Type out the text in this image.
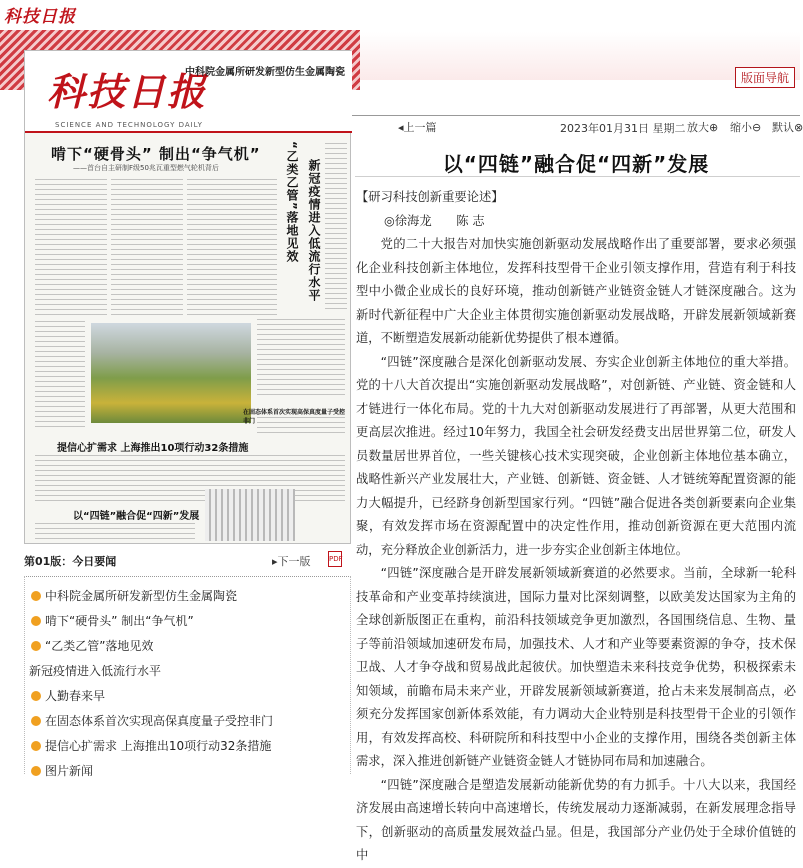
科技日报
版面导航
科技日报
中科院金属所研发新型仿生金属陶瓷
SCIENCE AND TECHNOLOGY DAILY
啃下“硬骨头” 制出“争气机”
——首台自主研制F级50兆瓦重型燃气轮机背后	“乙类乙管”落地见效 新冠疫情进入低流行水平
在固态体系首次实现高保真度量子受控非门
提信心扩需求 上海推出10项行动32条措施
以“四链”融合促“四新”发展
第01版：今日要闻	▸下一版	PDF
中科院金属所研发新型仿生金属陶瓷
啃下“硬骨头” 制出“争气机”
“乙类乙管”落地见效
新冠疫情进入低流行水平
人勤春来早
在固态体系首次实现高保真度量子受控非门
提信心扩需求 上海推出10项行动32条措施
图片新闻
◂上一篇	2023年01月31日 星期二 放大⊕ 缩小⊖ 默认⊗
以“四链”融合促“四新”发展

【研习科技创新重要论述】

◎徐海龙　　陈 志

党的二十大报告对加快实施创新驱动发展战略作出了重要部署，要求必须强化企业科技创新主体地位，发挥科技型骨干企业引领支撑作用，营造有利于科技型中小微企业成长的良好环境，推动创新链产业链资金链人才链深度融合。这为新时代新征程中广大企业主体贯彻实施创新驱动发展战略，开辟发展新领域新赛道，不断塑造发展新动能新优势提供了根本遵循。

“四链”深度融合是深化创新驱动发展、夯实企业创新主体地位的重大举措。党的十八大首次提出“实施创新驱动发展战略”，对创新链、产业链、资金链和人才链进行一体化布局。党的十九大对创新驱动发展进行了再部署，从更大范围和更高层次推进。经过10年努力，我国全社会研发经费支出居世界第二位，研发人员数量居世界首位，一些关键核心技术实现突破，企业创新主体地位基本确立，战略性新兴产业发展壮大，产业链、创新链、资金链、人才链统筹配置资源的能力大幅提升，已经跻身创新型国家行列。“四链”融合促进各类创新要素向企业集聚，有效发挥市场在资源配置中的决定性作用，推动创新资源在更大范围内流动，充分释放企业创新活力，进一步夯实企业创新主体地位。

“四链”深度融合是开辟发展新领域新赛道的必然要求。当前，全球新一轮科技革命和产业变革持续演进，国际力量对比深刻调整，以欧美发达国家为主角的全球创新版图正在重构，前沿科技领域竞争更加激烈，各国围绕信息、生物、量子等前沿领域加速研发布局，加强技术、人才和产业等要素资源的争夺，技术保卫战、人才争夺战和贸易战此起彼伏。加快塑造未来科技竞争优势，积极探索未知领域，前瞻布局未来产业，开辟发展新领域新赛道，抢占未来发展制高点，必须充分发挥国家创新体系效能，有力调动大企业特别是科技型骨干企业的引领作用，有效发挥高校、科研院所和科技型中小企业的支撑作用，围绕各类创新主体需求，深入推进创新链产业链资金链人才链协同布局和加速融合。

“四链”深度融合是塑造发展新动能新优势的有力抓手。十八大以来，我国经济发展由高速增长转向中高速增长，传统发展动力逐渐减弱，在新发展理念指导下，创新驱动的高质量发展效益凸显。但是，我国部分产业仍处于全球价值链的中
